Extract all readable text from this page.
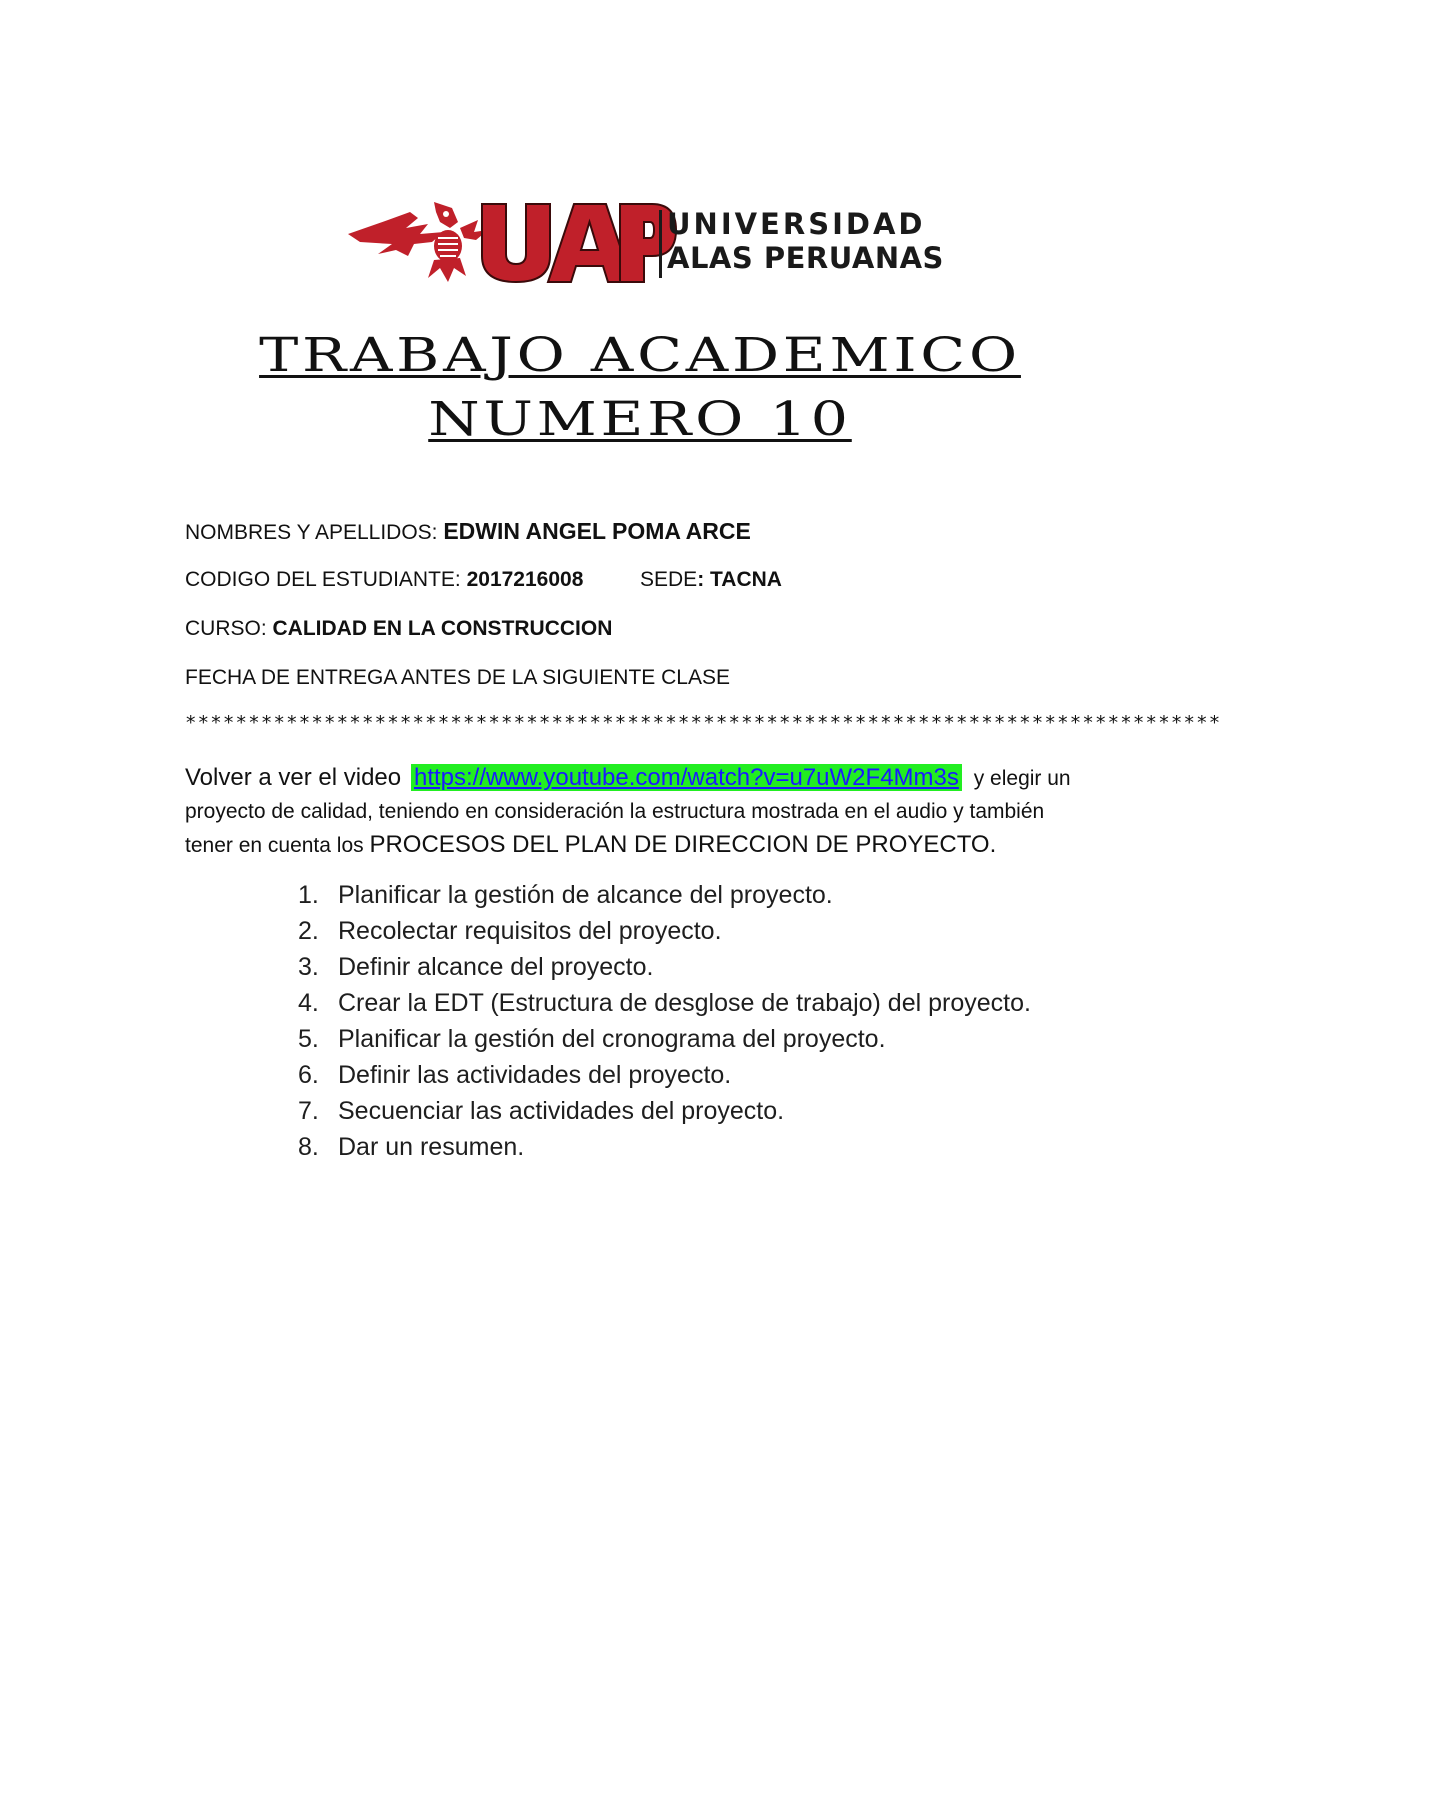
UNIVERSIDAD
ALAS PERUANAS
TRABAJO ACADEMICO
NUMERO 10
NOMBRES Y APELLIDOS: EDWIN ANGEL POMA ARCE
CODIGO DEL ESTUDIANTE: 2017216008	SEDE: TACNA
CURSO: CALIDAD EN LA CONSTRUCCION
FECHA DE ENTREGA ANTES DE LA SIGUIENTE CLASE
**********************************************************************************
Volver a ver el video https://www.youtube.com/watch?v=u7uW2F4Mm3s y elegir un proyecto de calidad, teniendo en consideración la estructura mostrada en el audio y también tener en cuenta los PROCESOS DEL PLAN DE DIRECCION DE PROYECTO.
1. Planificar la gestión de alcance del proyecto.
2. Recolectar requisitos del proyecto.
3. Definir alcance del proyecto.
4. Crear la EDT (Estructura de desglose de trabajo) del proyecto.
5. Planificar la gestión del cronograma del proyecto.
6. Definir las actividades del proyecto.
7. Secuenciar las actividades del proyecto.
8. Dar un resumen.
